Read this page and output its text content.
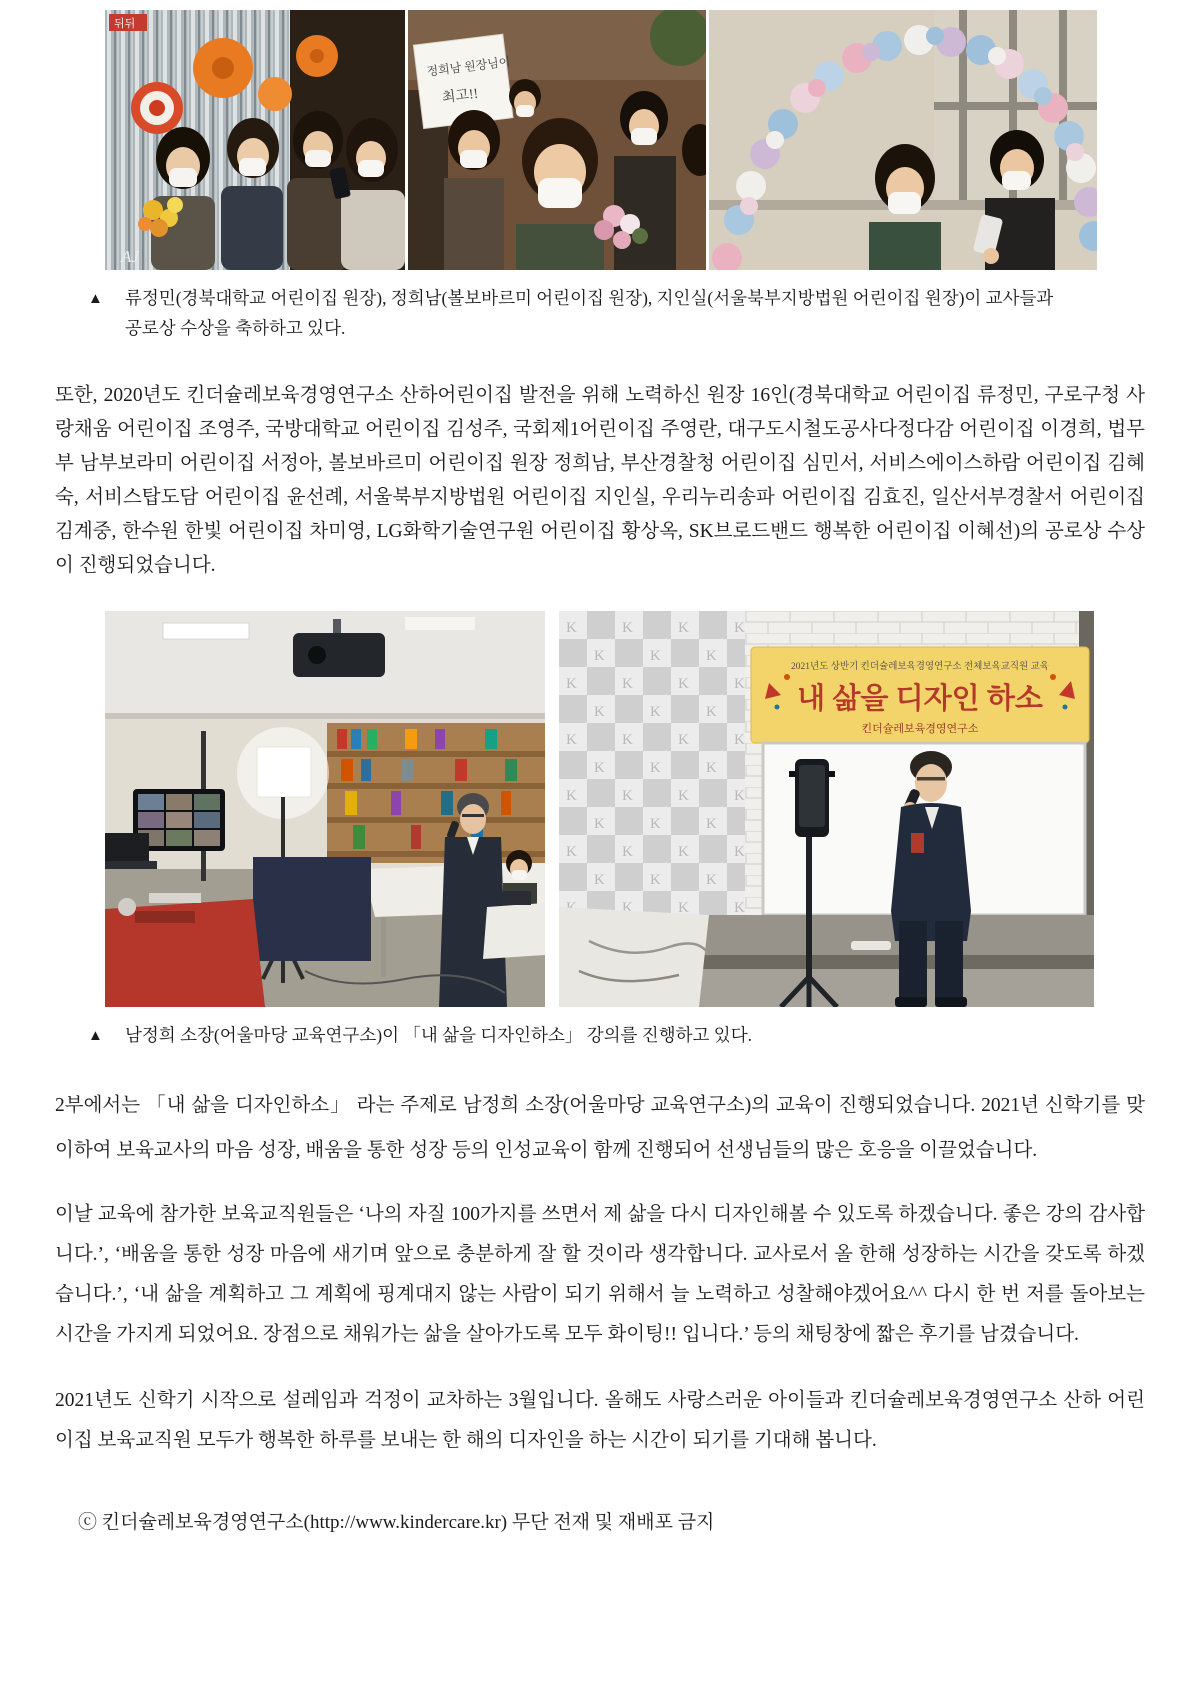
뒤뒤
AJ
정희남 원장님이
최고!!
▲	류정민(경북대학교 어린이집 원장), 정희남(볼보바르미 어린이집 원장), 지인실(서울북부지방법원 어린이집 원장)이 교사들과
공로상 수상을 축하하고 있다.

또한, 2020년도 킨더슐레보육경영연구소 산하어린이집 발전을 위해 노력하신 원장 16인(경북대학교 어린이집 류정민, 구로구청 사랑채움 어린이집 조영주, 국방대학교 어린이집 김성주, 국회제1어린이집 주영란, 대구도시철도공사다정다감 어린이집 이경희, 법무부 남부보라미 어린이집 서정아, 볼보바르미 어린이집 원장 정희남, 부산경찰청 어린이집 심민서, 서비스에이스하람 어린이집 김혜숙, 서비스탑도담 어린이집 윤선례, 서울북부지방법원 어린이집 지인실, 우리누리송파 어린이집 김효진, 일산서부경찰서 어린이집 김계중, 한수원 한빛 어린이집 차미영, LG화학기술연구원 어린이집 황상옥, SK브로드밴드 행복한 어린이집 이혜선)의 공로상 수상이 진행되었습니다.

2021년도 상반기 킨더슐레보육경영연구소 전체보육교직원 교육
내 삶을 디자인 하소
킨더슐레보육경영연구소
▲	남정희 소장(어울마당 교육연구소)이 「내 삶을 디자인하소」 강의를 진행하고 있다.

2부에서는 「내 삶을 디자인하소」 라는 주제로 남정희 소장(어울마당 교육연구소)의 교육이 진행되었습니다. 2021년 신학기를 맞이하여 보육교사의 마음 성장, 배움을 통한 성장 등의 인성교육이 함께 진행되어 선생님들의 많은 호응을 이끌었습니다.

이날 교육에 참가한 보육교직원들은 ‘나의 자질 100가지를 쓰면서 제 삶을 다시 디자인해볼 수 있도록 하겠습니다. 좋은 강의 감사합니다.’, ‘배움을 통한 성장 마음에 새기며 앞으로 충분하게 잘 할 것이라 생각합니다. 교사로서 올 한해 성장하는 시간을 갖도록 하겠습니다.’, ‘내 삶을 계획하고 그 계획에 핑계대지 않는 사람이 되기 위해서 늘 노력하고 성찰해야겠어요^^ 다시 한 번 저를 돌아보는 시간을 가지게 되었어요. 장점으로 채워가는 삶을 살아가도록 모두 화이팅!! 입니다.’ 등의 채팅창에 짧은 후기를 남겼습니다.

2021년도 신학기 시작으로 설레임과 걱정이 교차하는 3월입니다. 올해도 사랑스러운 아이들과 킨더슐레보육경영연구소 산하 어린이집 보육교직원 모두가 행복한 하루를 보내는 한 해의 디자인을 하는 시간이 되기를 기대해 봅니다.

ⓒ 킨더슐레보육경영연구소(http://www.kindercare.kr) 무단 전재 및 재배포 금지
